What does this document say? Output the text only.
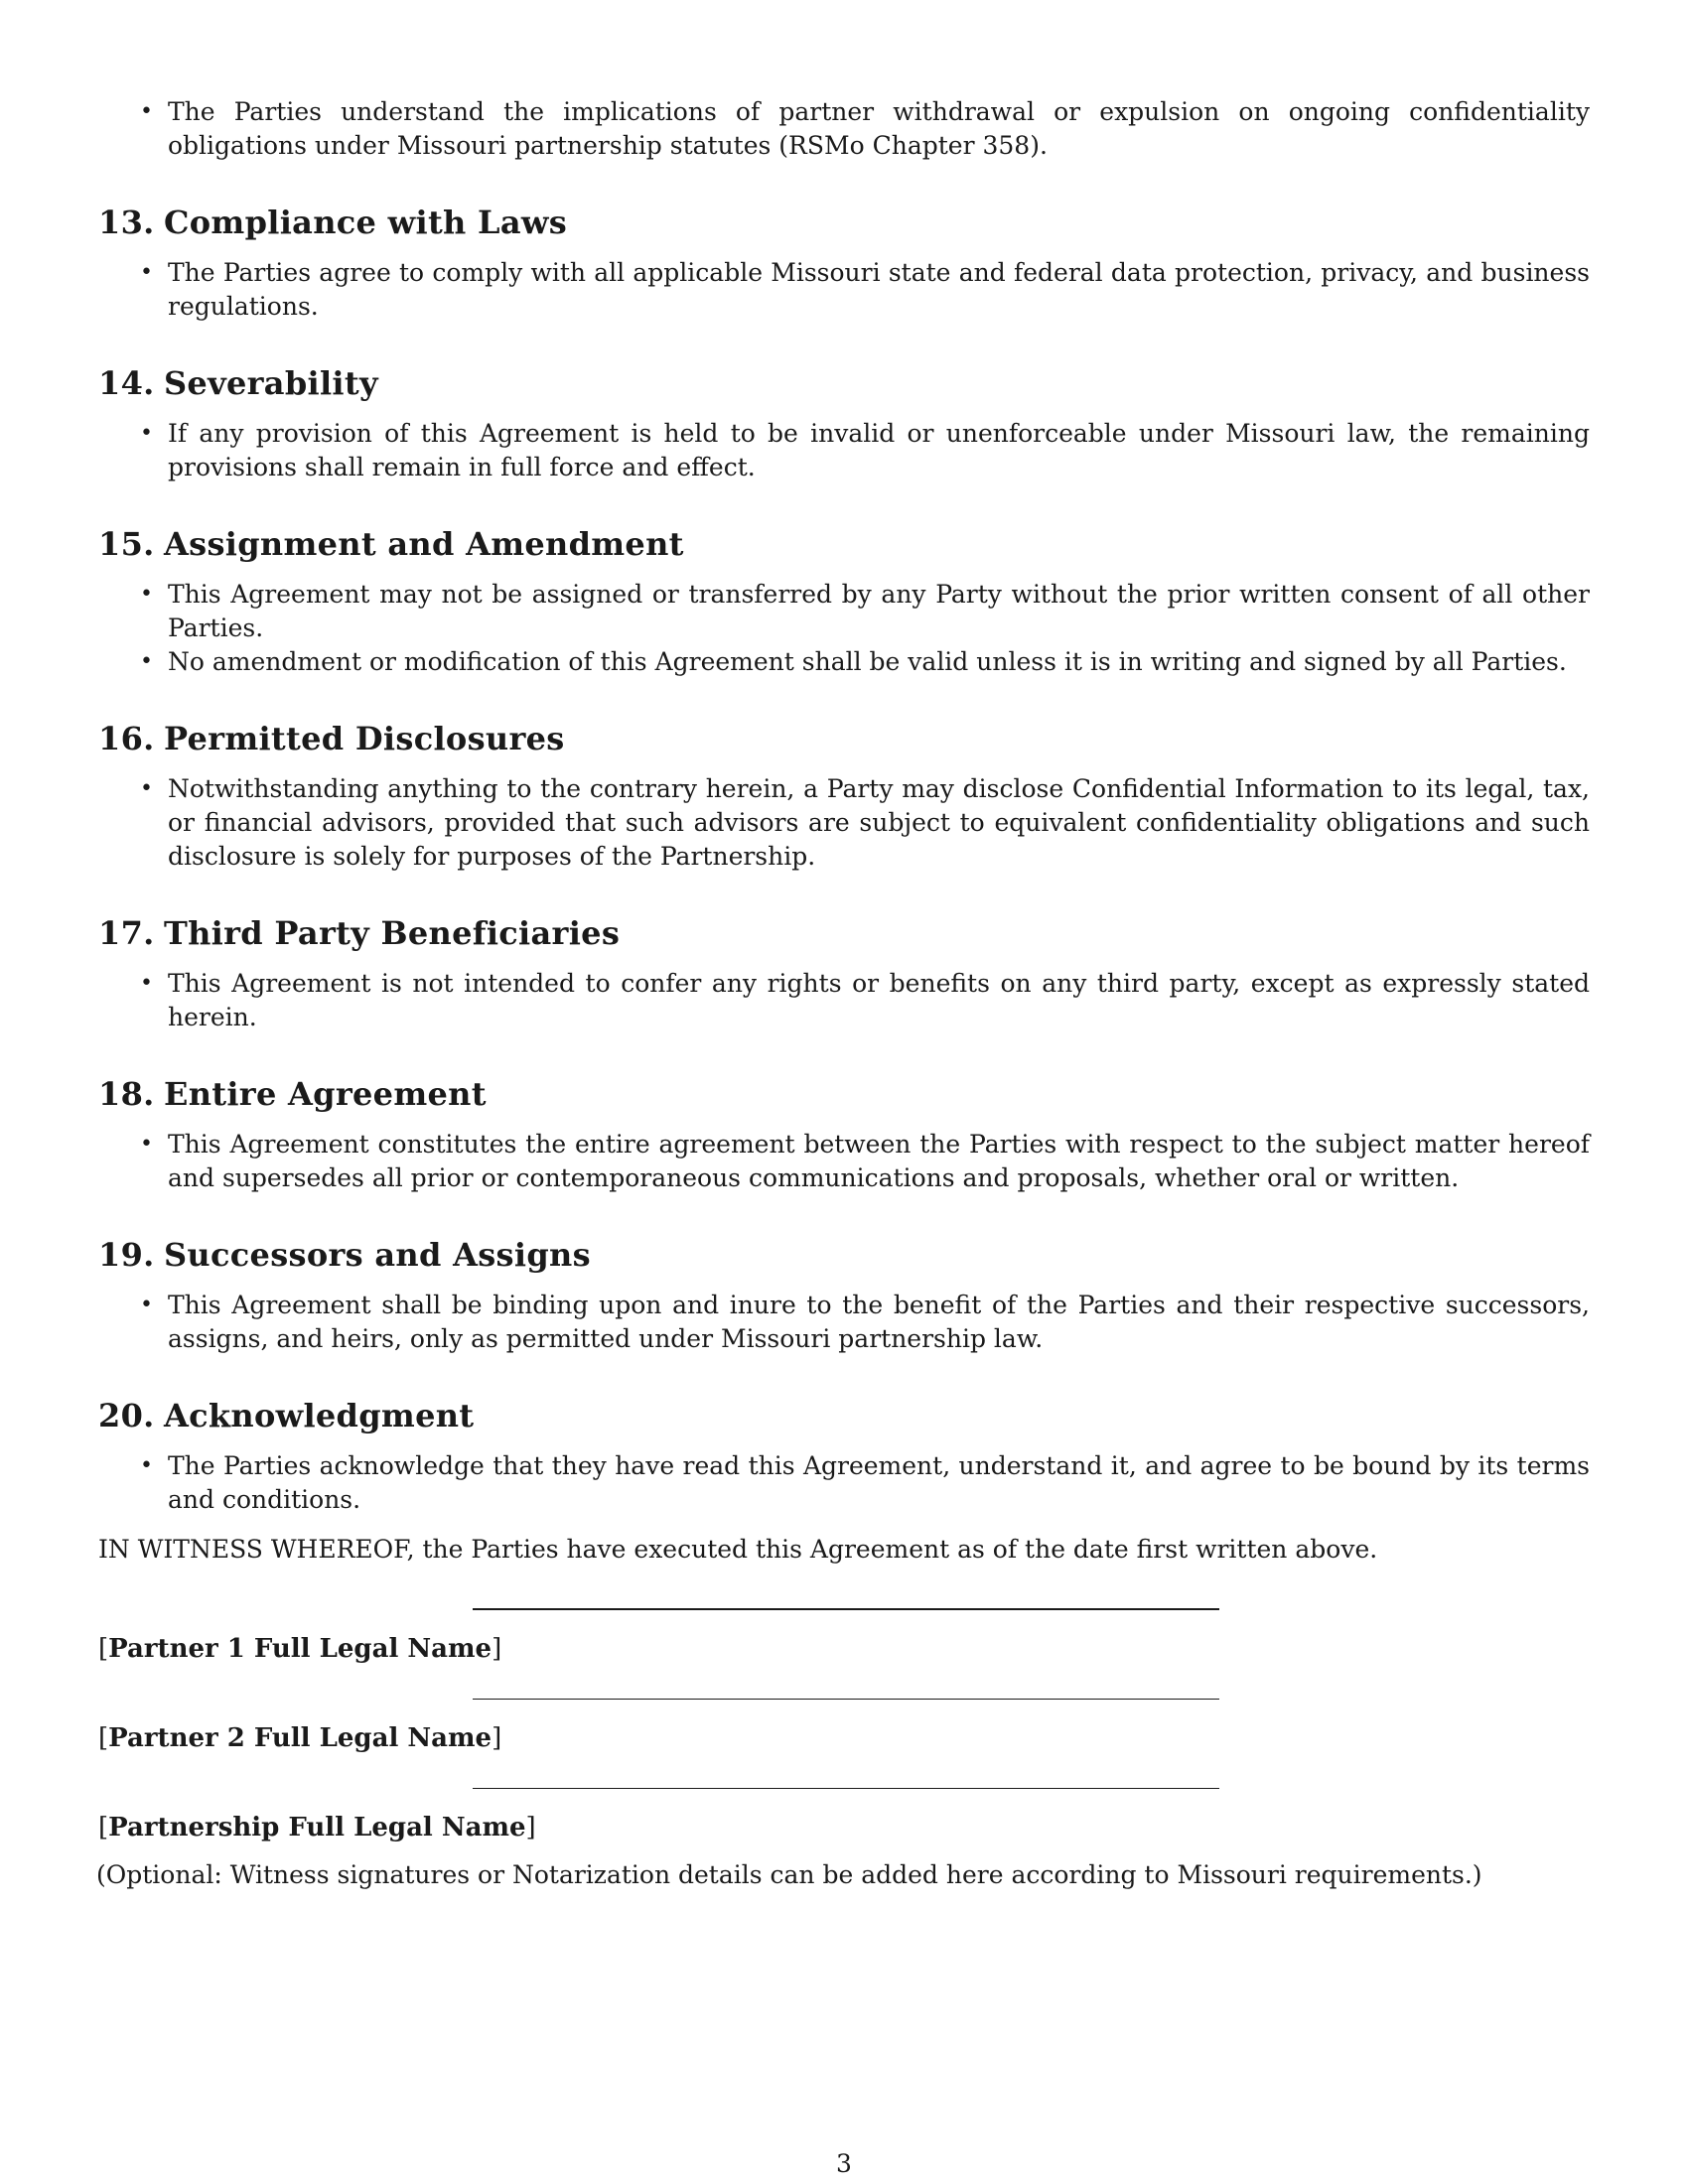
• The Parties understand the implications of partner withdrawal or expulsion on ongoing confidentiality obligations under Missouri partnership statutes (RSMo Chapter 358).
13. Compliance with Laws
• The Parties agree to comply with all applicable Missouri state and federal data protection, privacy, and business regulations.
14. Severability
• If any provision of this Agreement is held to be invalid or unenforceable under Missouri law, the remaining provisions shall remain in full force and effect.
15. Assignment and Amendment
• This Agreement may not be assigned or transferred by any Party without the prior written consent of all other Parties.
• No amendment or modification of this Agreement shall be valid unless it is in writing and signed by all Parties.
16. Permitted Disclosures
• Notwithstanding anything to the contrary herein, a Party may disclose Confidential Information to its legal, tax, or financial advisors, provided that such advisors are subject to equivalent confidentiality obligations and such disclosure is solely for purposes of the Partnership.
17. Third Party Beneficiaries
• This Agreement is not intended to confer any rights or benefits on any third party, except as expressly stated herein.
18. Entire Agreement
• This Agreement constitutes the entire agreement between the Parties with respect to the subject matter hereof and supersedes all prior or contemporaneous communications and proposals, whether oral or written.
19. Successors and Assigns
• This Agreement shall be binding upon and inure to the benefit of the Parties and their respective successors, assigns, and heirs, only as permitted under Missouri partnership law.
20. Acknowledgment
• The Parties acknowledge that they have read this Agreement, understand it, and agree to be bound by its terms and conditions.

IN WITNESS WHEREOF, the Parties have executed this Agreement as of the date first written above.

[Partner 1 Full Legal Name]
[Partner 2 Full Legal Name]
[Partnership Full Legal Name]

(Optional: Witness signatures or Notarization details can be added here according to Missouri requirements.)

3
